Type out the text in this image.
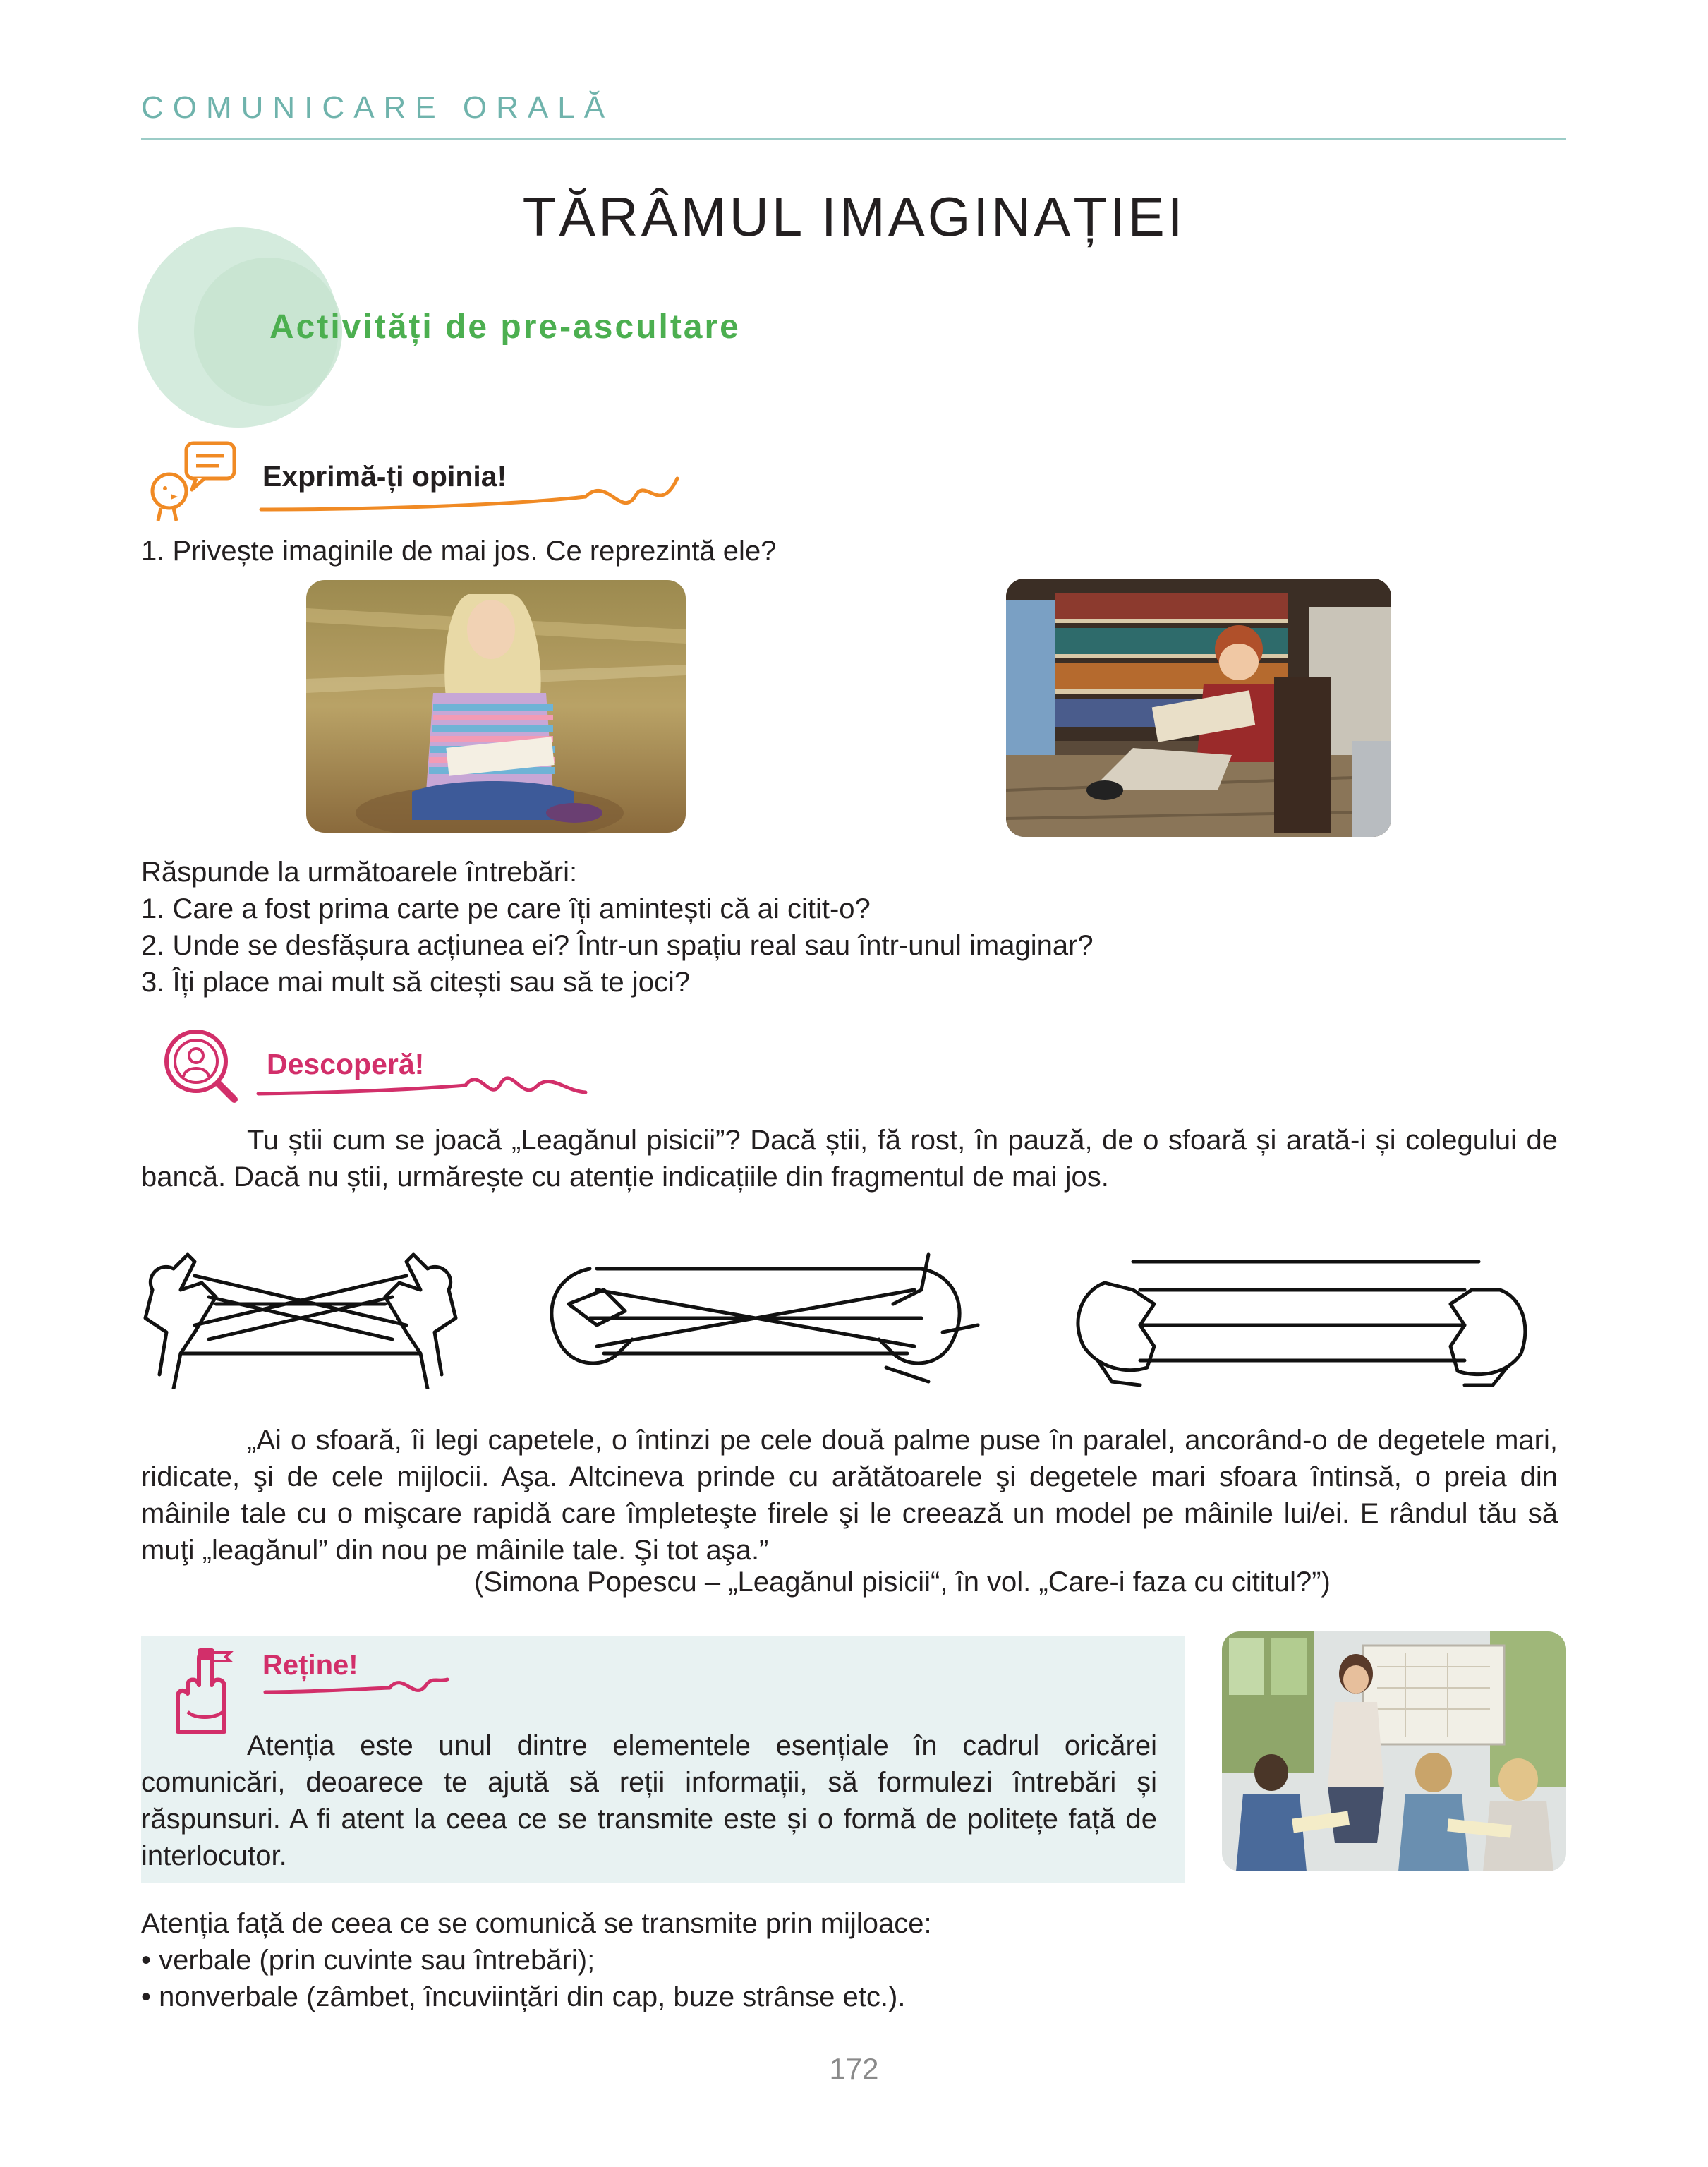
COMUNICARE ORALĂ
TĂRÂMUL IMAGINAȚIEI
Activități de pre-ascultare
Exprimă-ți opinia!
1. Privește imaginile de mai jos. Ce reprezintă ele?
Răspunde la următoarele întrebări:
1. Care a fost prima carte pe care îți amintești că ai citit-o?
2. Unde se desfășura acțiunea ei? Într-un spațiu real sau într-unul imaginar?
3. Îți place mai mult să citești sau să te joci?
Descoperă!
Tu știi cum se joacă „Leagănul pisicii”? Dacă știi, fă rost, în pauză, de o sfoară și arată-i și colegului de bancă. Dacă nu știi, urmărește cu atenție indicațiile din fragmentul de mai jos.
„Ai o sfoară, îi legi capetele, o întinzi pe cele două palme puse în paralel, ancorând-o de degetele mari, ridicate, şi de cele mijlocii. Aşa. Altcineva prinde cu arătătoarele şi degetele mari sfoara întinsă, o preia din mâinile tale cu o mişcare rapidă care împleteşte firele şi le creează un model pe mâinile lui/ei. E rândul tău să muţi „leagănul” din nou pe mâinile tale. Şi tot aşa.”
(Simona Popescu – „Leagănul pisicii“, în vol. „Care-i faza cu cititul?”)
Reține!
Atenția este unul dintre elementele esențiale în cadrul oricărei comunicări, deoarece te ajută să reții informații, să formulezi întrebări și răspunsuri. A fi atent la ceea ce se transmite este și o formă de politețe față de interlocutor.
Atenția față de ceea ce se comunică se transmite prin mijloace:
• verbale (prin cuvinte sau întrebări);
• nonverbale (zâmbet, încuviințări din cap, buze strânse etc.).
172
